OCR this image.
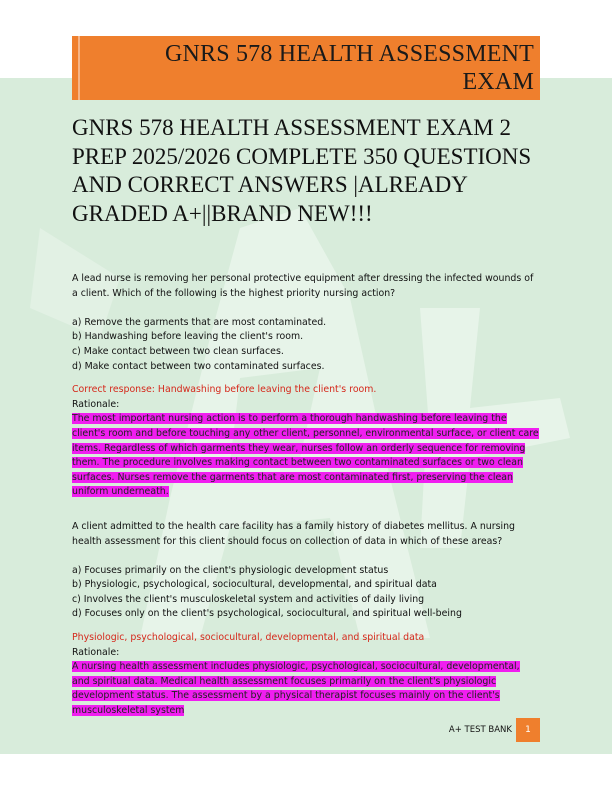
GNRS 578 HEALTH ASSESSMENT EXAM
GNRS 578 HEALTH ASSESSMENT EXAM 2 PREP 2025/2026 COMPLETE 350 QUESTIONS AND CORRECT ANSWERS |ALREADY GRADED A+||BRAND NEW!!!

A lead nurse is removing her personal protective equipment after dressing the infected wounds of a client. Which of the following is the highest priority nursing action?

a) Remove the garments that are most contaminated.

b) Handwashing before leaving the client's room.

c) Make contact between two clean surfaces.

d) Make contact between two contaminated surfaces.

Correct response: Handwashing before leaving the client's room.

Rationale:

The most important nursing action is to perform a thorough handwashing before leaving the client's room and before touching any other client, personnel, environmental surface, or client care items. Regardless of which garments they wear, nurses follow an orderly sequence for removing them. The procedure involves making contact between two contaminated surfaces or two clean surfaces. Nurses remove the garments that are most contaminated first, preserving the clean uniform underneath.

A client admitted to the health care facility has a family history of diabetes mellitus. A nursing health assessment for this client should focus on collection of data in which of these areas?

a) Focuses primarily on the client's physiologic development status

b) Physiologic, psychological, sociocultural, developmental, and spiritual data

c) Involves the client's musculoskeletal system and activities of daily living

d) Focuses only on the client's psychological, sociocultural, and spiritual well-being

Physiologic, psychological, sociocultural, developmental, and spiritual data

Rationale:

A nursing health assessment includes physiologic, psychological, sociocultural, developmental, and spiritual data. Medical health assessment focuses primarily on the client's physiologic development status. The assessment by a physical therapist focuses mainly on the client's musculoskeletal system

A+ TEST BANK	1
